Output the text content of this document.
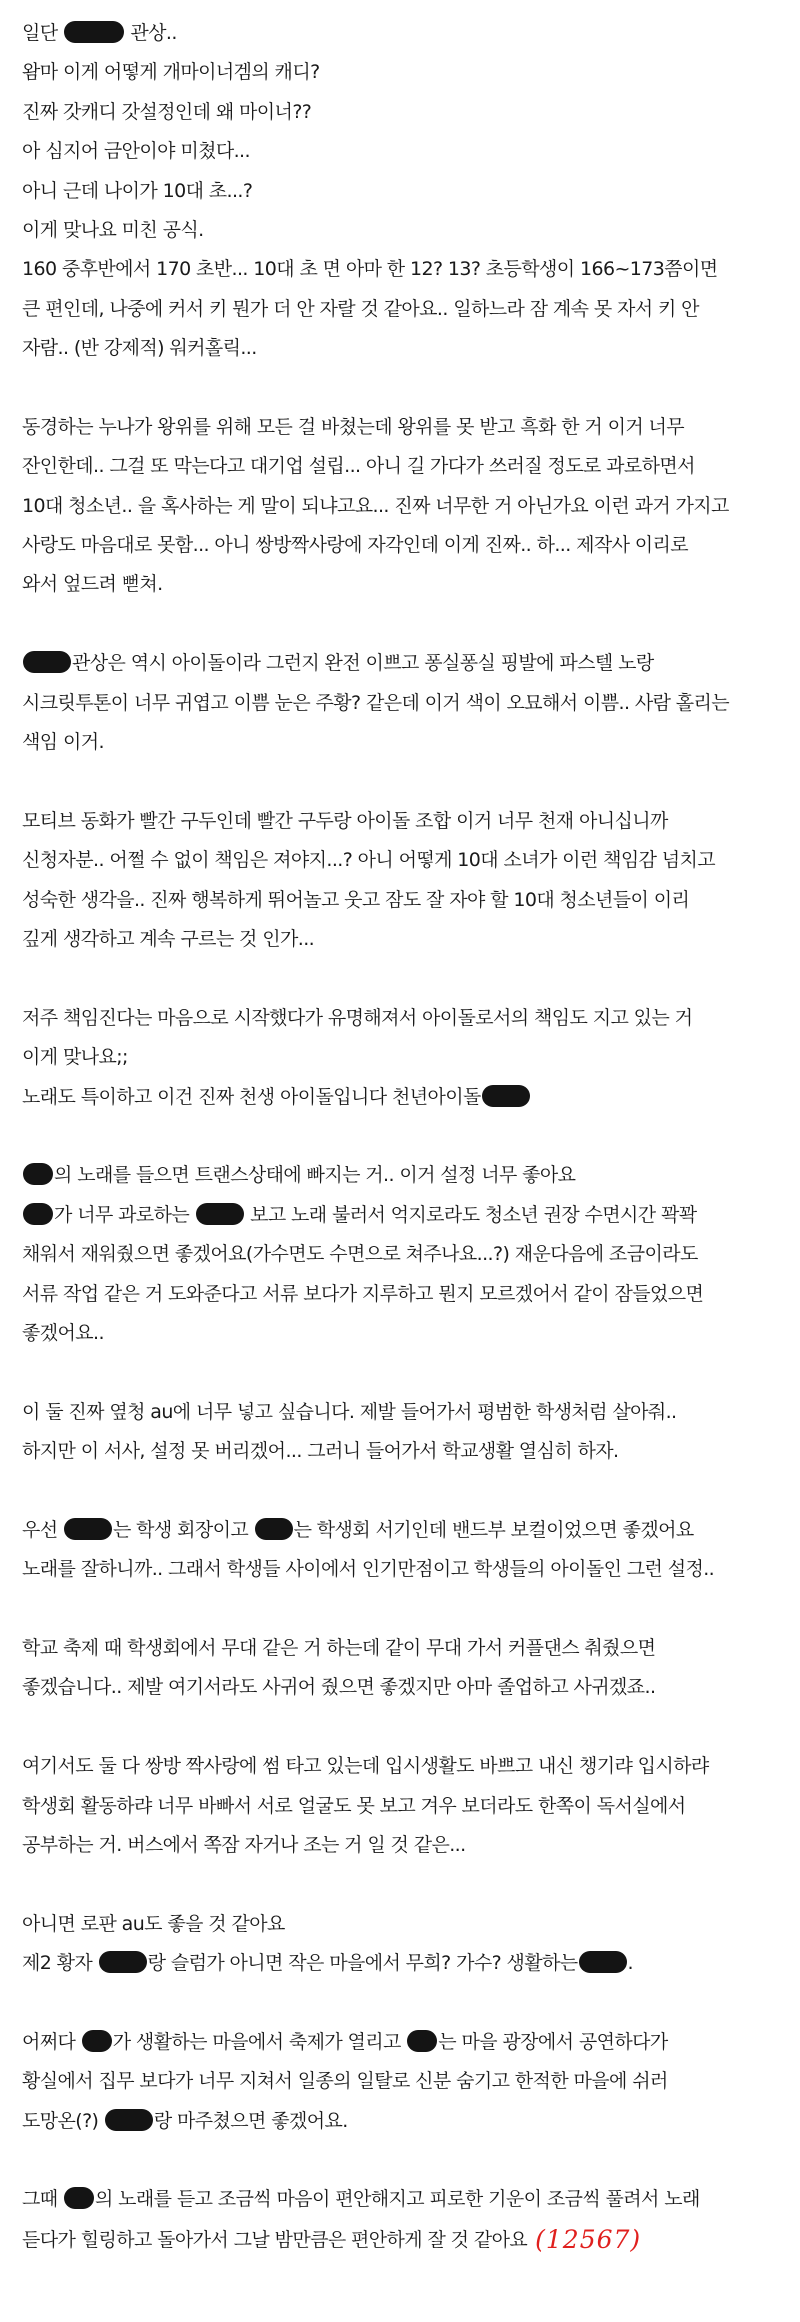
일단	관상..
왐마 이게 어떻게 개마이너겜의 캐디?
진짜 갓캐디 갓설정인데 왜 마이너??
아 심지어 금안이야 미쳤다...
아니 근데 나이가 10대 초...?
이게 맞나요 미친 공식.
160 중후반에서 170 초반... 10대 초 면 아마 한 12? 13? 초등학생이 166~173쯤이면
큰 편인데, 나중에 커서 키 뭔가 더 안 자랄 것 같아요.. 일하느라 잠 계속 못 자서 키 안
자람.. (반 강제적) 워커홀릭...
동경하는 누나가 왕위를 위해 모든 걸 바쳤는데 왕위를 못 받고 흑화 한 거 이거 너무
잔인한데.. 그걸 또 막는다고 대기업 설립... 아니 길 가다가 쓰러질 정도로 과로하면서
10대 청소년.. 을 혹사하는 게 말이 되냐고요... 진짜 너무한 거 아닌가요 이런 과거 가지고
사랑도 마음대로 못함... 아니 쌍방짝사랑에 자각인데 이게 진짜.. 하... 제작사 이리로
와서 엎드려 뻗쳐.
관상은 역시 아이돌이라 그런지 완전 이쁘고 퐁실퐁실 핑발에 파스텔 노랑
시크릿투톤이 너무 귀엽고 이쁨 눈은 주황? 같은데 이거 색이 오묘해서 이쁨.. 사람 홀리는
색임 이거.
모티브 동화가 빨간 구두인데 빨간 구두랑 아이돌 조합 이거 너무 천재 아니십니까
신청자분.. 어쩔 수 없이 책임은 져야지...? 아니 어떻게 10대 소녀가 이런 책임감 넘치고
성숙한 생각을.. 진짜 행복하게 뛰어놀고 웃고 잠도 잘 자야 할 10대 청소년들이 이리
깊게 생각하고 계속 구르는 것 인가...
저주 책임진다는 마음으로 시작했다가 유명해져서 아이돌로서의 책임도 지고 있는 거
이게 맞나요;;
노래도 특이하고 이건 진짜 천생 아이돌입니다 천년아이돌
의 노래를 들으면 트랜스상태에 빠지는 거.. 이거 설정 너무 좋아요
가 너무 과로하는	보고 노래 불러서 억지로라도 청소년 권장 수면시간 꽉꽉
채워서 재워줬으면 좋겠어요(가수면도 수면으로 쳐주나요...?) 재운다음에 조금이라도
서류 작업 같은 거 도와준다고 서류 보다가 지루하고 뭔지 모르겠어서 같이 잠들었으면
좋겠어요..
이 둘 진짜 옆청 au에 너무 넣고 싶습니다. 제발 들어가서 평범한 학생처럼 살아줘..
하지만 이 서사, 설정 못 버리겠어... 그러니 들어가서 학교생활 열심히 하자.
우선	는 학생 회장이고 는 학생회 서기인데 밴드부 보컬이었으면 좋겠어요
노래를 잘하니까.. 그래서 학생들 사이에서 인기만점이고 학생들의 아이돌인 그런 설정..
학교 축제 때 학생회에서 무대 같은 거 하는데 같이 무대 가서 커플댄스 춰줬으면
좋겠습니다.. 제발 여기서라도 사귀어 줬으면 좋겠지만 아마 졸업하고 사귀겠죠..
여기서도 둘 다 쌍방 짝사랑에 썸 타고 있는데 입시생활도 바쁘고 내신 챙기랴 입시하랴
학생회 활동하랴 너무 바빠서 서로 얼굴도 못 보고 겨우 보더라도 한쪽이 독서실에서
공부하는 거. 버스에서 쪽잠 자거나 조는 거 일 것 같은...
아니면 로판 au도 좋을 것 같아요
제2 황자	랑 슬럼가 아니면 작은 마을에서 무희? 가수? 생활하는	.
어쩌다 가 생활하는 마을에서 축제가 열리고 는 마을 광장에서 공연하다가
황실에서 집무 보다가 너무 지쳐서 일종의 일탈로 신분 숨기고 한적한 마을에 쉬러
도망온(?)	랑 마주쳤으면 좋겠어요.
그때 의 노래를 듣고 조금씩 마음이 편안해지고 피로한 기운이 조금씩 풀려서 노래
듣다가 힐링하고 돌아가서 그날 밤만큼은 편안하게 잘 것 같아요 (12567)
